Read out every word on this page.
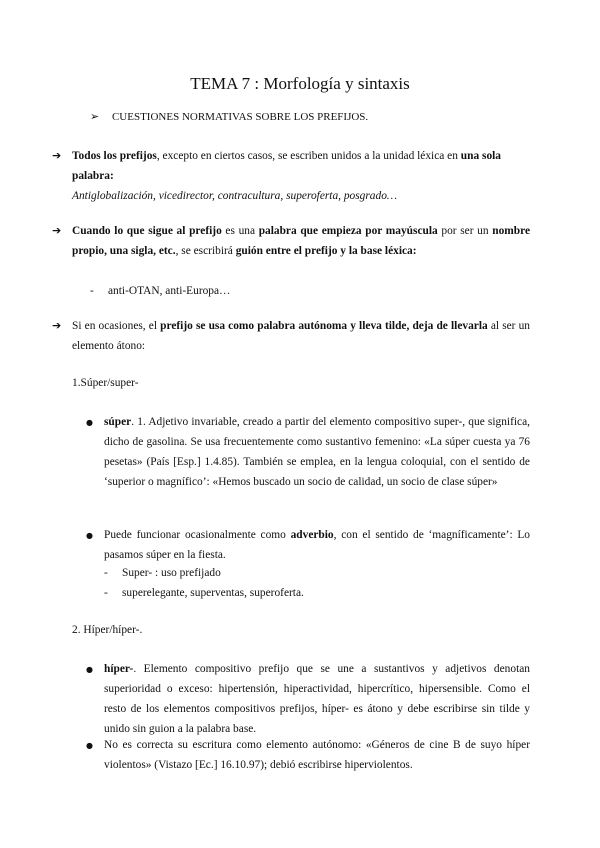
TEMA 7 : Morfología y sintaxis
➢ CUESTIONES NORMATIVAS SOBRE LOS PREFIJOS.
➔ Todos los prefijos, excepto en ciertos casos, se escriben unidos a la unidad léxica en una sola palabra:
Antiglobalización, vicedirector, contracultura, superoferta, posgrado…
➔ Cuando lo que sigue al prefijo es una palabra que empieza por mayúscula por ser un nombre propio, una sigla, etc., se escribirá guión entre el prefijo y la base léxica:
- anti-OTAN, anti-Europa…
➔ Si en ocasiones, el prefijo se usa como palabra autónoma y lleva tilde, deja de llevarla al ser un elemento átono:
1.Súper/super-
● súper. 1. Adjetivo invariable, creado a partir del elemento compositivo super-, que significa, dicho de gasolina. Se usa frecuentemente como sustantivo femenino: «La súper cuesta ya 76 pesetas» (País [Esp.] 1.4.85). También se emplea, en la lengua coloquial, con el sentido de ‘superior o magnífico’: «Hemos buscado un socio de calidad, un socio de clase súper»
● Puede funcionar ocasionalmente como adverbio, con el sentido de ‘magníficamente’: Lo pasamos súper en la fiesta.
- Super- : uso prefijado
- superelegante, superventas, superoferta.
2. Híper/híper-.
● híper-. Elemento compositivo prefijo que se une a sustantivos y adjetivos denotan superioridad o exceso: hipertensión, hiperactividad, hipercrítico, hipersensible. Como el resto de los elementos compositivos prefijos, híper- es átono y debe escribirse sin tilde y unido sin guion a la palabra base.
● No es correcta su escritura como elemento autónomo: «Géneros de cine B de suyo híper violentos» (Vistazo [Ec.] 16.10.97); debió escribirse hiperviolentos.
